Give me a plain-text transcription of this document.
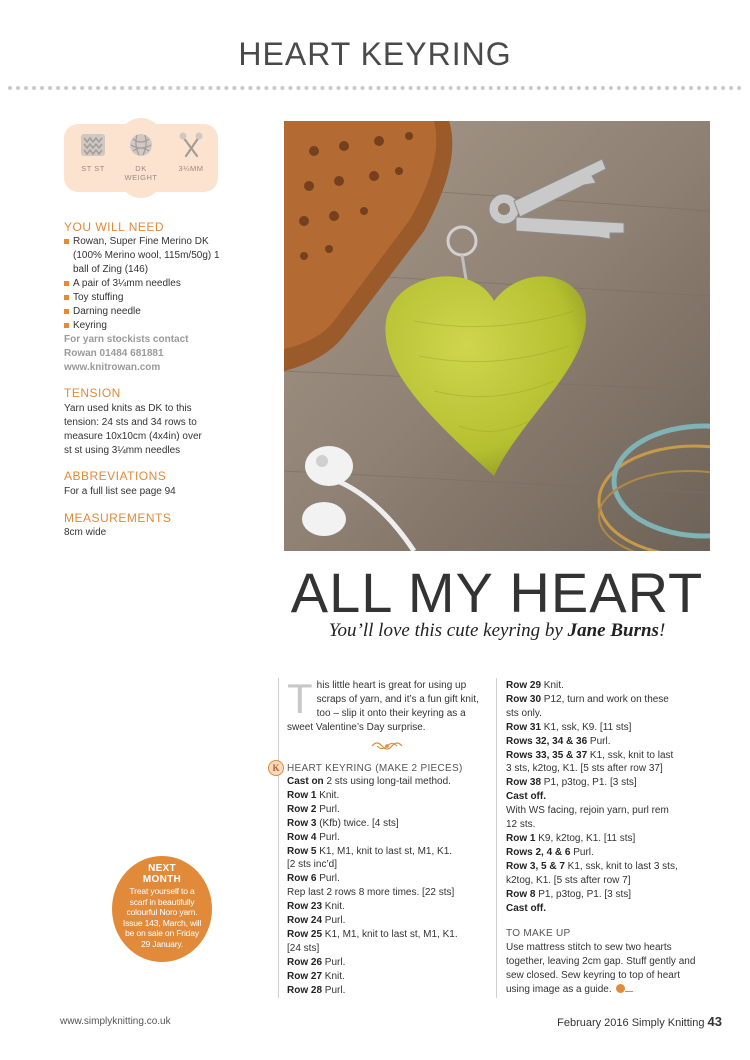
HEART KEYRING
ST ST	DK
WEIGHT
3¼MM
YOU WILL NEED
Rowan, Super Fine Merino DK (100% Merino wool, 115m/50g) 1 ball of Zing (146)
A pair of 3¼mm needles
Toy stuffing
Darning needle
Keyring
For yarn stockists contact
Rowan 01484 681881
www.knitrowan.com
TENSION
Yarn used knits as DK to this tension: 24 sts and 34 rows to measure 10x10cm (4x4in) over st st using 3¼mm needles
ABBREVIATIONS
For a full list see page 94
MEASUREMENTS
8cm wide
ALL MY HEART
You’ll love this cute keyring by Jane Burns!
This little heart is great for using up scraps of yarn, and it’s a fun gift knit, too – slip it onto their keyring as a sweet Valentine’s Day surprise.
K HEART KEYRING (MAKE 2 PIECES)
Cast on 2 sts using long-tail method.
Row 1 Knit.
Row 2 Purl.
Row 3 (Kfb) twice. [4 sts]
Row 4 Purl.
Row 5 K1, M1, knit to last st, M1, K1.
[2 sts inc’d]
Row 6 Purl.
Rep last 2 rows 8 more times. [22 sts]
Row 23 Knit.
Row 24 Purl.
Row 25 K1, M1, knit to last st, M1, K1.
[24 sts]
Row 26 Purl.
Row 27 Knit.
Row 28 Purl.
Row 29 Knit.
Row 30 P12, turn and work on these
sts only.
Row 31 K1, ssk, K9. [11 sts]
Rows 32, 34 & 36 Purl.
Rows 33, 35 & 37 K1, ssk, knit to last
3 sts, k2tog, K1. [5 sts after row 37]
Row 38 P1, p3tog, P1. [3 sts]
Cast off.
With WS facing, rejoin yarn, purl rem
12 sts.
Row 1 K9, k2tog, K1. [11 sts]
Rows 2, 4 & 6 Purl.
Row 3, 5 & 7 K1, ssk, knit to last 3 sts,
k2tog, K1. [5 sts after row 7]
Row 8 P1, p3tog, P1. [3 sts]
Cast off.
TO MAKE UP
Use mattress stitch to sew two hearts together, leaving 2cm gap. Stuff gently and sew closed. Sew keyring to top of heart using image as a guide.
NEXT
MONTH
Treat yourself to a scarf in beautifully colourful Noro yarn. Issue 143, March, will be on sale on Friday 29 January.
www.simplyknitting.co.uk	February 2016 Simply Knitting 43
